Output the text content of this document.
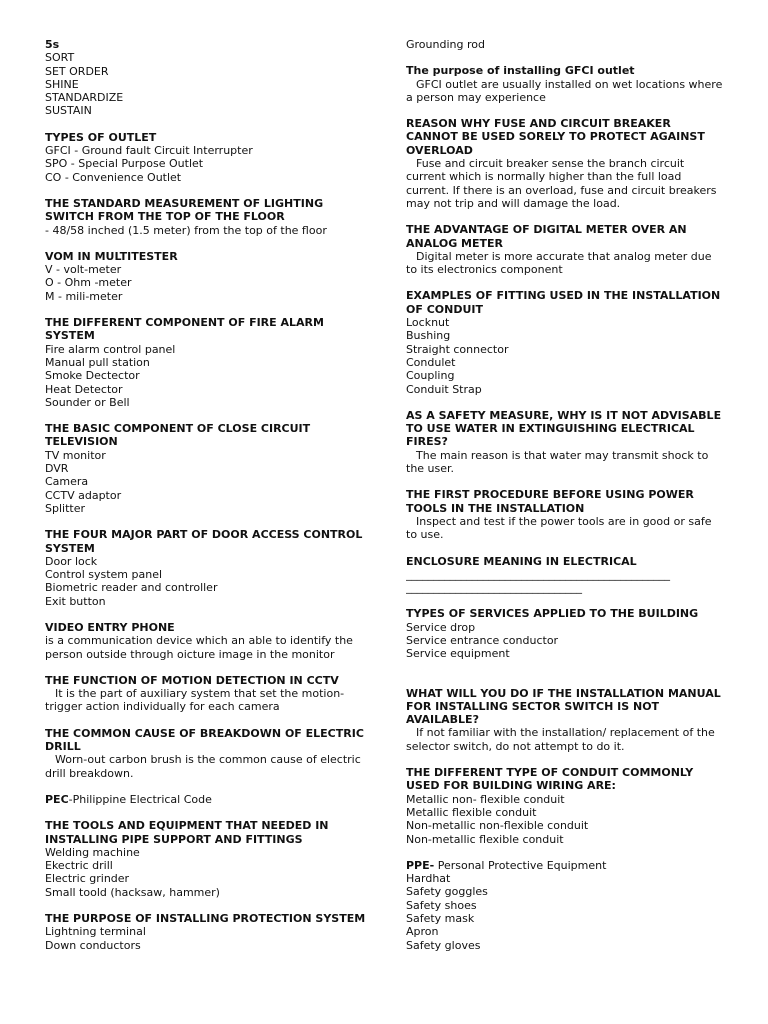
5s
SORT
SET ORDER
SHINE
STANDARDIZE
SUSTAIN
TYPES OF OUTLET
GFCI - Ground fault Circuit Interrupter
SPO - Special Purpose Outlet
CO - Convenience Outlet
THE STANDARD MEASUREMENT OF LIGHTING SWITCH FROM THE TOP OF THE FLOOR
- 48/58 inched (1.5 meter) from the top of the floor
VOM IN MULTITESTER
V - volt-meter
O - Ohm -meter
M - mili-meter
THE DIFFERENT COMPONENT OF FIRE ALARM SYSTEM
Fire alarm control panel
Manual pull station
Smoke Dectector
Heat Detector
Sounder or Bell
THE BASIC COMPONENT OF CLOSE CIRCUIT TELEVISION
TV monitor
DVR
Camera
CCTV adaptor
Splitter
THE FOUR MAJOR PART OF DOOR ACCESS CONTROL SYSTEM
Door lock
Control system panel
Biometric reader and controller
Exit button
VIDEO ENTRY PHONE
is a communication device which an able to identify the person outside through oicture image in the monitor
THE FUNCTION OF MOTION DETECTION IN CCTV
It is the part of auxiliary system that set the motion-trigger action individually for each camera
THE COMMON CAUSE OF BREAKDOWN OF ELECTRIC DRILL
Worn-out carbon brush is the common cause of electric drill breakdown.
PEC-Philippine Electrical Code
THE TOOLS AND EQUIPMENT THAT NEEDED IN INSTALLING PIPE SUPPORT AND FITTINGS
Welding machine
Ekectric drill
Electric grinder
Small toold (hacksaw, hammer)
THE PURPOSE OF INSTALLING PROTECTION SYSTEM
Lightning terminal
Down conductors
Grounding rod
The purpose of installing GFCI outlet
GFCI outlet are usually installed on wet locations where a person may experience
REASON WHY FUSE AND CIRCUIT BREAKER CANNOT BE USED SORELY TO PROTECT AGAINST OVERLOAD
Fuse and circuit breaker sense the branch circuit current which is normally higher than the full load current. If there is an overload, fuse and circuit breakers may not trip and will damage the load.
THE ADVANTAGE OF DIGITAL METER OVER AN ANALOG METER
Digital meter is more accurate that analog meter due to its electronics component
EXAMPLES OF FITTING USED IN THE INSTALLATION OF CONDUIT
Locknut
Bushing
Straight connector
Condulet
Coupling
Conduit Strap
AS A SAFETY MEASURE, WHY IS IT NOT ADVISABLE TO USE WATER IN EXTINGUISHING ELECTRICAL FIRES?
The main reason is that water may transmit shock to the user.
THE FIRST PROCEDURE BEFORE USING POWER TOOLS IN THE INSTALLATION
Inspect and test if the power tools are in good or safe to use.
ENCLOSURE MEANING IN ELECTRICAL
________________________________________________
________________________________
TYPES OF SERVICES APPLIED TO THE BUILDING
Service drop
Service entrance conductor
Service equipment
WHAT WILL YOU DO IF THE INSTALLATION MANUAL FOR INSTALLING SECTOR SWITCH IS NOT AVAILABLE?
If not familiar with the installation/ replacement of the selector switch, do not attempt to do it.
THE DIFFERENT TYPE OF CONDUIT COMMONLY USED FOR BUILDING WIRING ARE:
Metallic non- flexible conduit
Metallic flexible conduit
Non-metallic non-flexible conduit
Non-metallic flexible conduit
PPE- Personal Protective Equipment
Hardhat
Safety goggles
Safety shoes
Safety mask
Apron
Safety gloves
